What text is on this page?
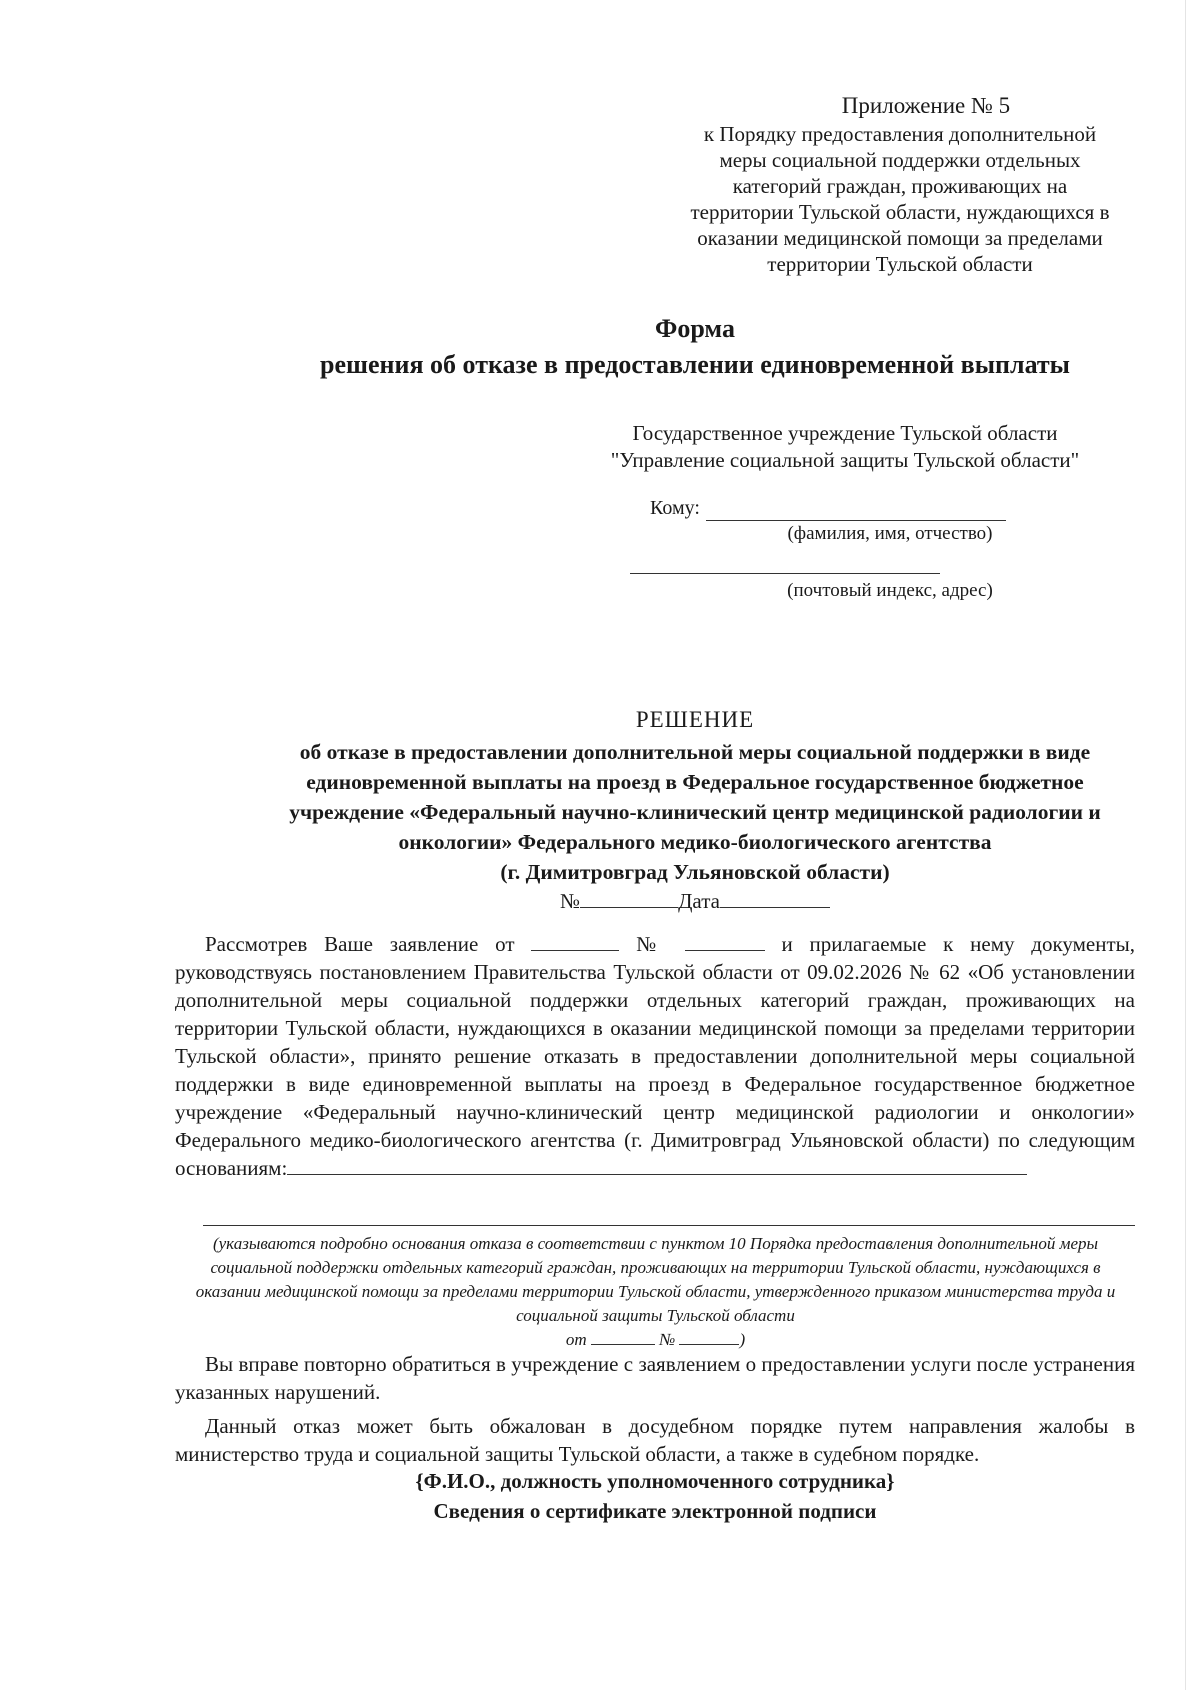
Приложение № 5
к Порядку предоставления дополнительной
меры социальной поддержки отдельных
категорий граждан, проживающих на
территории Тульской области, нуждающихся в
оказании медицинской помощи за пределами
территории Тульской области
Форма
решения об отказе в предоставлении единовременной выплаты
Государственное учреждение Тульской области
"Управление социальной защиты Тульской области"
Кому:
(фамилия, имя, отчество)
(почтовый индекс, адрес)
РЕШЕНИЕ
об отказе в предоставлении дополнительной меры социальной поддержки в виде
единовременной выплаты на проезд в Федеральное государственное бюджетное
учреждение «Федеральный научно-клинический центр медицинской радиологии и
онкологии» Федерального медико-биологического агентства
(г. Димитровград Ульяновской области)
№	Дата

Рассмотрев Ваше заявление от	№	и прилагаемые к нему документы, руководствуясь постановлением Правительства Тульской области от 09.02.2026 № 62 «Об установлении дополнительной меры социальной поддержки отдельных категорий граждан, проживающих на территории Тульской области, нуждающихся в оказании медицинской помощи за пределами территории Тульской области», принято решение отказать в предоставлении дополнительной меры социальной поддержки в виде единовременной выплаты на проезд в Федеральное государственное бюджетное учреждение «Федеральный научно-клинический центр медицинской радиологии и онкологии» Федерального медико-биологического агентства (г. Димитровград Ульяновской области) по следующим основаниям:

(указываются подробно основания отказа в соответствии с пунктом 10 Порядка предоставления дополнительной меры социальной поддержки отдельных категорий граждан, проживающих на территории Тульской области, нуждающихся в оказании медицинской помощи за пределами территории Тульской области, утвержденного приказом министерства труда и социальной защиты Тульской области
от	№	)

Вы вправе повторно обратиться в учреждение с заявлением о предоставлении услуги после устранения указанных нарушений.

Данный отказ может быть обжалован в досудебном порядке путем направления жалобы в министерство труда и социальной защиты Тульской области, а также в судебном порядке.

{Ф.И.О., должность уполномоченного сотрудника}
Сведения о сертификате электронной подписи
